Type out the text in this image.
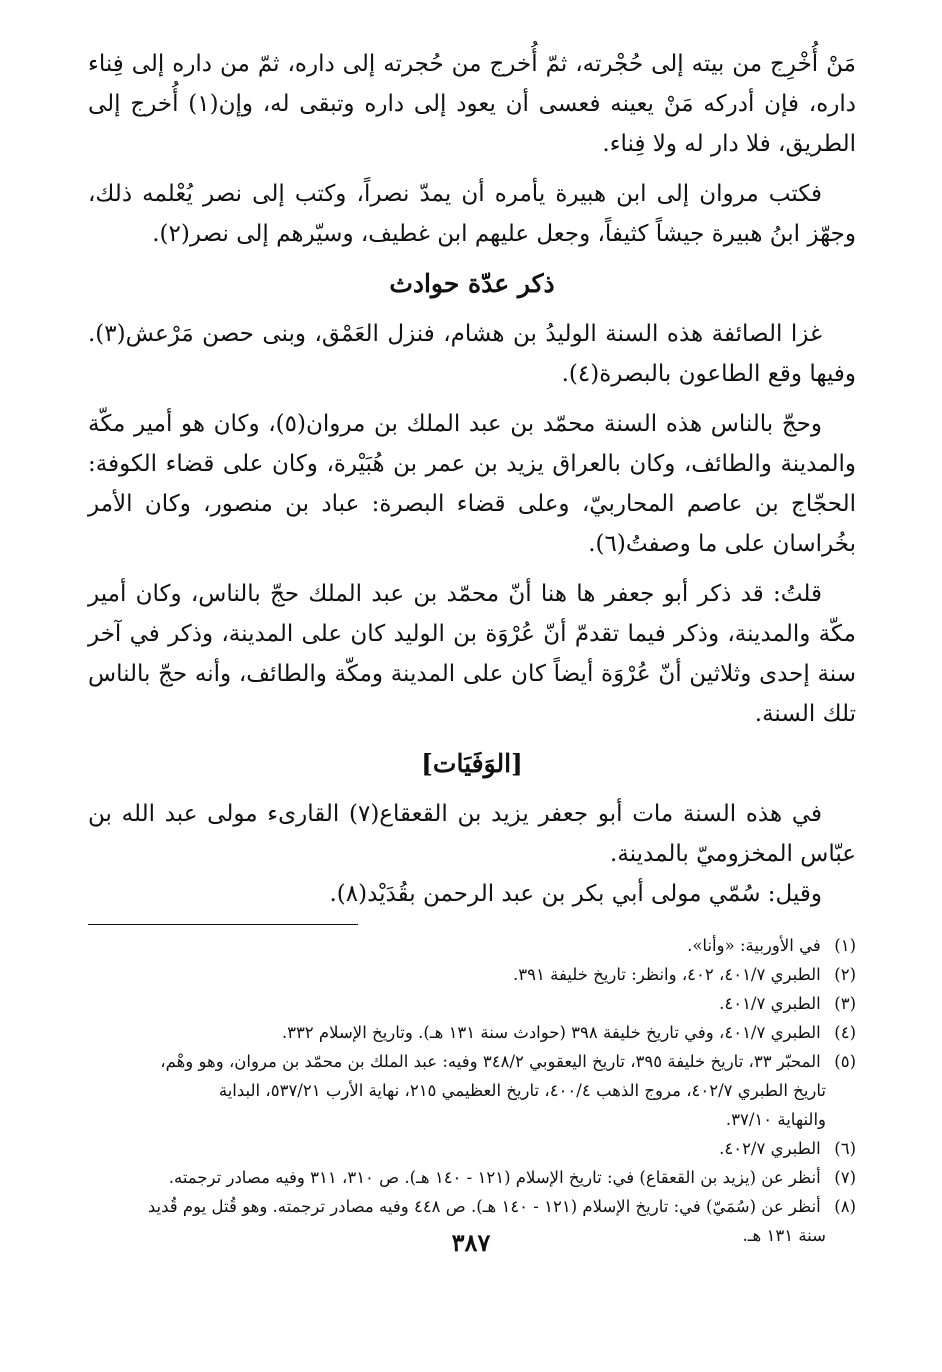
مَنْ أُخْرِج من بيته إلى حُجْرته، ثمّ أُخرج من حُجرته إلى داره، ثمّ من داره إلى فِناء داره، فإن أدركه مَنْ يعينه فعسى أن يعود إلى داره وتبقى له، وإن(١) أُخرج إلى الطريق، فلا دار له ولا فِناء.

فكتب مروان إلى ابن هبيرة يأمره أن يمدّ نصراً، وكتب إلى نصر يُعْلمه ذلك، وجهّز ابنُ هبيرة جيشاً كثيفاً، وجعل عليهم ابن غطيف، وسيّرهم إلى نصر(٢).

ذكر عدّة حوادث

غزا الصائفة هذه السنة الوليدُ بن هشام، فنزل العَمْق، وبنى حصن مَرْعش(٣). وفيها وقع الطاعون بالبصرة(٤).

وحجّ بالناس هذه السنة محمّد بن عبد الملك بن مروان(٥)، وكان هو أمير مكّة والمدينة والطائف، وكان بالعراق يزيد بن عمر بن هُبَيْرة، وكان على قضاء الكوفة: الحجّاج بن عاصم المحاربيّ، وعلى قضاء البصرة: عباد بن منصور، وكان الأمر بخُراسان على ما وصفتُ(٦).

قلتُ: قد ذكر أبو جعفر ها هنا أنّ محمّد بن عبد الملك حجّ بالناس، وكان أمير مكّة والمدينة، وذكر فيما تقدمّ أنّ عُرْوَة بن الوليد كان على المدينة، وذكر في آخر سنة إحدى وثلاثين أنّ عُرْوَة أيضاً كان على المدينة ومكّة والطائف، وأنه حجّ بالناس تلك السنة.

[الوَفَيَات]

في هذه السنة مات أبو جعفر يزيد بن القعقاع(٧) القارىء مولى عبد الله بن عبّاس المخزوميّ بالمدينة.

وقيل: سُمّي مولى أبي بكر بن عبد الرحمن بقُدَيْد(٨).

(١) في الأوربية: «وأنا».

(٢) الطبري ٤٠١/٧، ٤٠٢، وانظر: تاريخ خليفة ٣٩١.

(٣) الطبري ٤٠١/٧.

(٤) الطبري ٤٠١/٧، وفي تاريخ خليفة ٣٩٨ (حوادث سنة ١٣١ هـ). وتاريخ الإسلام ٣٣٢.

(٥) المحبّر ٣٣، تاريخ خليفة ٣٩٥، تاريخ اليعقوبي ٣٤٨/٢ وفيه: عبد الملك بن محمّد بن مروان، وهو وهْم،

تاريخ الطبري ٤٠٢/٧، مروج الذهب ٤٠٠/٤، تاريخ العظيمي ٢١٥، نهاية الأرب ٥٣٧/٢١، البداية

والنهاية ٣٧/١٠.

(٦) الطبري ٤٠٢/٧.

(٧) أنظر عن (يزيد بن القعقاع) في: تاريخ الإسلام (١٢١ - ١٤٠ هـ). ص ٣١٠، ٣١١ وفيه مصادر ترجمته.

(٨) أنظر عن (سُمَيّ) في: تاريخ الإسلام (١٢١ - ١٤٠ هـ). ص ٤٤٨ وفيه مصادر ترجمته. وهو قُتل يوم قُديد

سنة ١٣١ هـ.

٣٨٧
